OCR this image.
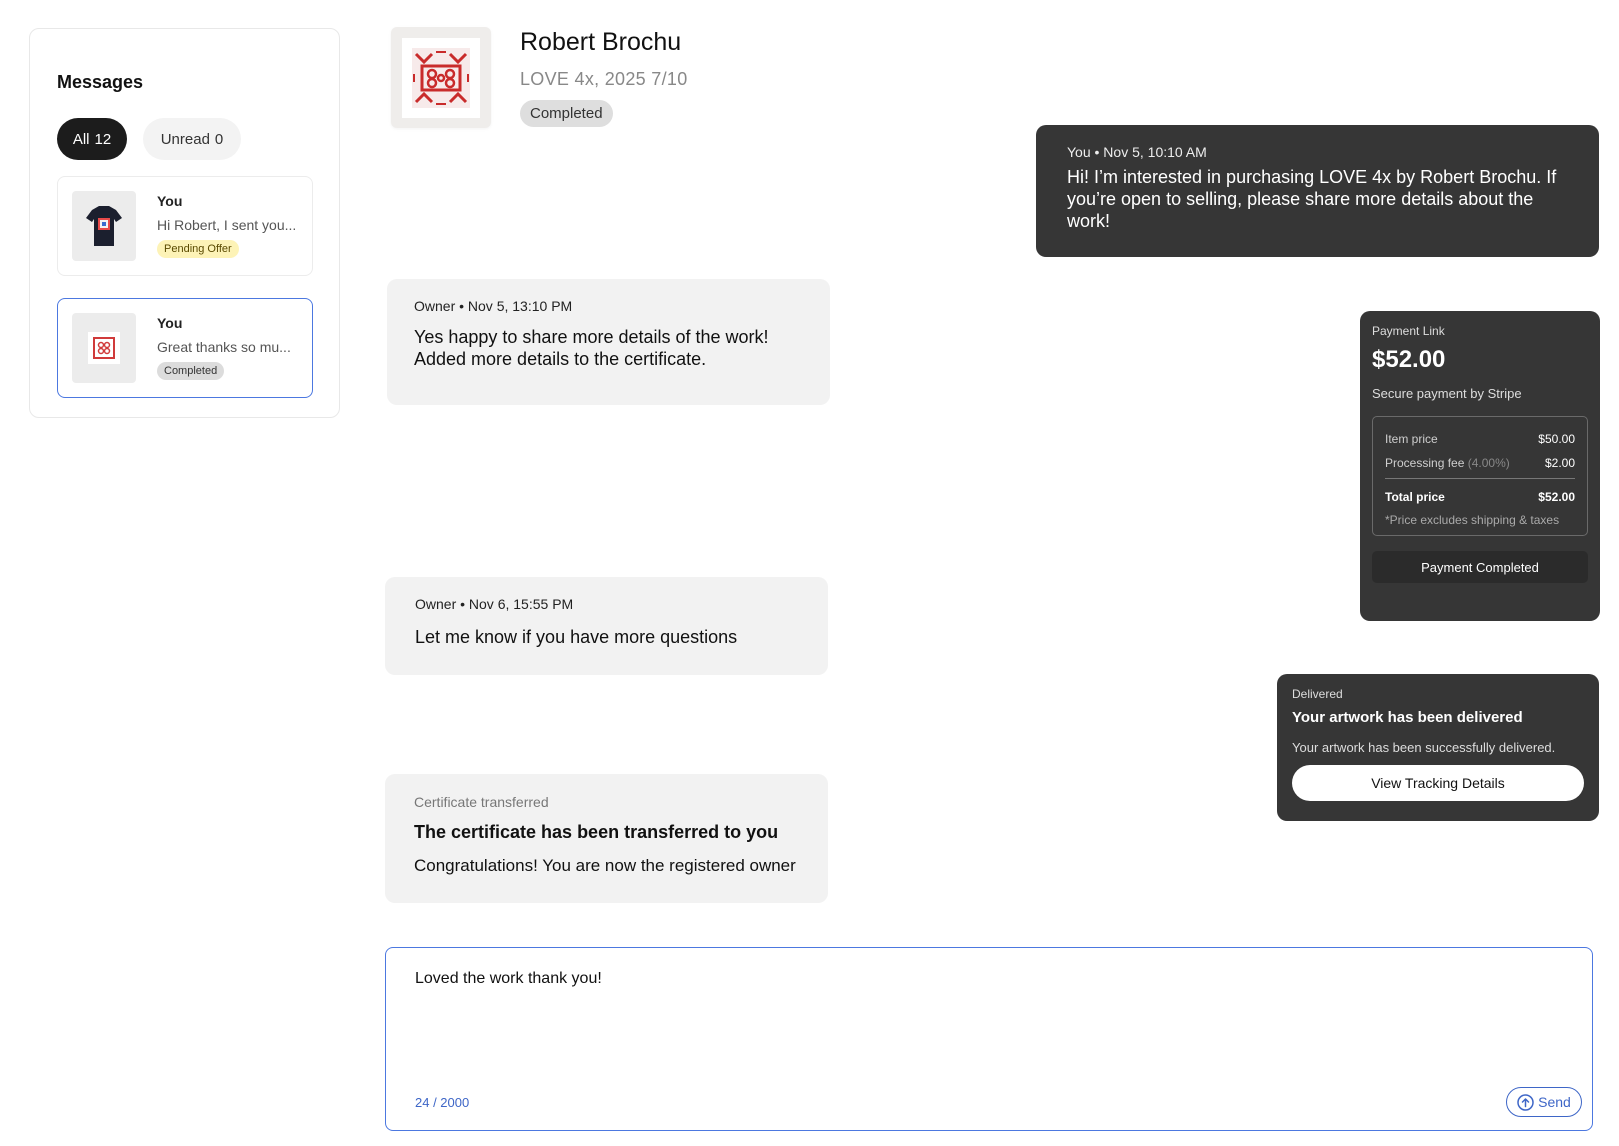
Messages
All 12	Unread 0
You
Hi Robert, I sent you...
Pending Offer
You
Great thanks so mu...
Completed
Robert Brochu
LOVE 4x, 2025 7/10
Completed
You • Nov 5, 10:10 AM
Hi! I’m interested in purchasing LOVE 4x by Robert Brochu. If you’re open to selling, please share more details about the work!
Owner • Nov 5, 13:10 PM
Yes happy to share more details of the work! Added more details to the certificate.
Payment Link
$52.00
Secure payment by Stripe
Item price	$50.00
Processing fee (4.00%)	$2.00
Total price	$52.00
*Price excludes shipping & taxes
Payment Completed
Owner • Nov 6, 15:55 PM
Let me know if you have more questions
Delivered
Your artwork has been delivered
Your artwork has been successfully delivered.
View Tracking Details
Certificate transferred
The certificate has been transferred to you
Congratulations! You are now the registered owner
Loved the work thank you!
24 / 2000	Send
